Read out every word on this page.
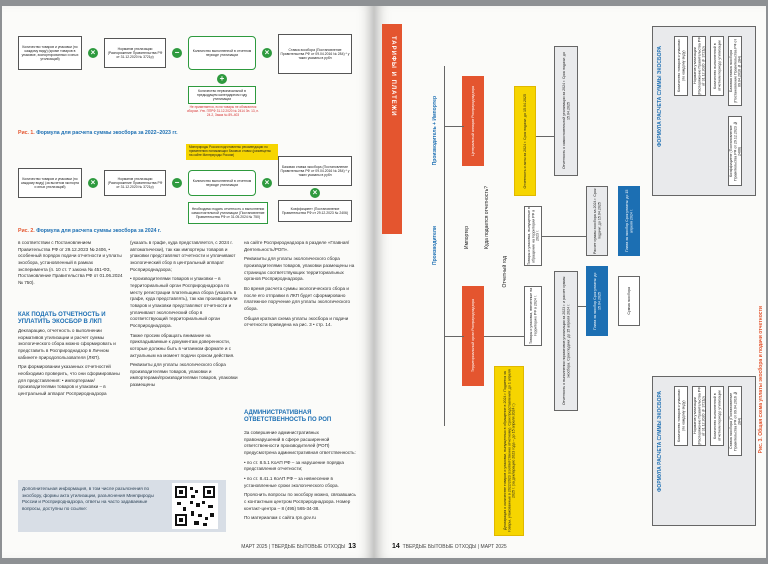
Количество товаров и упаковки (по каждому виду) (кроме товаров в упаковке, экспортированных и иных утилизаций)
×	Норматив утилизации (Распоряжение Правительства РФ от 31.12.2020 № 3721р)
−	Количество выполненной в отчетном периоде утилизации	×	Ставка экосбора (Постановление Правительства РФ от 09.04.2016 № 284) * у таких указаны в рубл
+
Количество первоначальной в предыдущем календарном году утилизации
Не применяется, если товары не облагаются сбором. Утв. ППРФ 31.12.2020 № 2414 Зп. 13, п. 24.2, Заказ № 89–403
Рис. 1. Формула для расчета суммы экосбора за 2022–2023 гг.
Минприроды России подготовлены рекомендации по применению понижающих базовых ставок (размещены на сайте Минприроды России)
Количество товаров и упаковки (по каждому виду) (за вычетом экспорта и иных утилизаций)
×	Норматив утилизации (Распоряжение Правительства РФ от 31.12.2020 № 3721р)
−	Количество выполненной в отчетном периоде утилизации	×
Базовая ставка экосбора (Постановление Правительства РФ от 09.04.2016 № 284) * у таких указаны в рубл
×
Коэффициент (Постановление Правительства РФ от 29.12.2023 № 2406)
Необходимо подать отчетность о выполнении самостоятельной утилизации (Постановление Правительства РФ от 31.05.2024 № 750)
Рис. 2. Формула для расчета суммы экосбора за 2024 г.

в соответствии с Постановлением Правительства РФ от 29.12.2023 № 2406, • особенный порядок подачи отчетности и уплаты экосбора, установленный в рамках эксперимента (п. 10 ст. 7 закона № 451-ФЗ, Постановление Правительства РФ от 01.06.2024 № 750).

КАК ПОДАТЬ ОТЧЕТНОСТЬ И УПЛАТИТЬ ЭКОСБОР В ЛКП

Декларацию, отчетность о выполнении нормативов утилизации и расчет суммы экологического сбора можно сформировать и представить в Росприроднадзор в Личном кабинете природопользователя (ЛКП).

При формировании указанных отчетностей необходимо проверить, что они сформированы для представления: • импортерами/производителями товаров и упаковки – в центральный аппарат Росприроднадзора

(указать в графе, куда представляется, с 2024 г. автоматически), так как импортеры товаров и упаковки представляют отчетности и уплачивают экологический сбор в центральный аппарат Росприроднадзора;

• производителями товаров и упаковки – в территориальный орган Росприроднадзора по месту регистрации плательщика сбора (указать в графе, куда представлять), так как производители товаров и упаковки представляют отчетности и уплачивают экологический сбор в соответствующий территориальный орган Росприроднадзора.

Также просим обращать внимание на прикладываемые к документам доверенности, которые должны быть в читаемом формате и с актуальным на момент подачи сроком действия.

Реквизиты для уплаты экологического сбора производителями товаров, упаковки и импортерами/производителями товаров, упаковки размещены

на сайте Росприроднадзора в разделе «Главная/Деятельность/РОП».

Реквизиты для уплаты экологического сбора производителями товаров, упаковки размещены на страницах соответствующих территориальных органов Росприроднадзора.

Во время расчета суммы экологического сбора и после его отправки в ЛКП будет сформировано платежное поручение для уплаты экологического сбора.

Общая краткая схема уплаты экосбора и подачи отчетности приведена на рис. 3 • стр. 14.

АДМИНИСТРАТИВНАЯ ОТВЕТСТВЕННОСТЬ ПО РОП

За совершение административных правонарушений в сфере расширенной ответственности производителей (РОП) предусмотрена административная ответственность:

• по ст. 8.5.1 КоАП РФ – за нарушение порядка представления отчетности;

• по ст. 8.41.1 КоАП РФ – за невнесение в установленные сроки экологического сбора.

Прояснить вопросы по экосбору можно, связавшись с контактным центром Росприроднадзора. Номер контакт-центра – 8 (495) 565-34-38.

По материалам с сайта rpn.gov.ru

Дополнительная информация, в том числе разъяснения по экосбору, формы акта утилизации, разъяснения Минприроды России и Росприроднадзора, ответы на часто задаваемые вопросы, доступны по ссылке:
МАРТ 2025 | ТВЕРДЫЕ БЫТОВЫЕ ОТХОДЫ 13
ТАРИФЫ И ПЛАТЕЖИ
Производители
Производитель + Импортер
Импортер	Куда подается отчетность?
Отчетный год
Территориальный орган Росприроднадзора
Центральный аппарат Росприроднадзора
Декларация о количестве товаров и упаковки, выпущенных в обращение в 2024 г. Подается за товары, упакованные в 2022/2023 (соответственно отчетному). Срок представления: до 1 апреля 2025 г. (за декларацию 2023 года – до 15 апреля 2024 г.)
Отчетность и акты за 2024 г. Срок подачи: до 15.04.2025
Товары и упаковка, выпущенные в обращение на территории РФ в 2023 г.
Товары и упаковка, ввезенные на территорию РФ в 2024 г.
Отчетность о самостоятельной утилизации за 2024 г. Срок подачи: до 15.04.2025
Отчетность о выполнении нормативов утилизации за 2023 г. и расчет суммы экосбора. Срок подачи: до 15 апреля 2024 г.
Расчет суммы экосбора за 2024 г. Срок подачи: до 15.04.2025
Плата за экосбор Срок уплаты: до 15.04.2025
Плата за экосбор Срок уплаты: до 15 апреля 2024 г.
Сумма экосбора
ФОРМУЛА РАСЧЕТА СУММЫ ЭКОСБОРА	Количество товаров и упаковки (по каждому виду) Норматив утилизации (Распоряжение Правительства РФ от 31.12.2020 № 3721р) Количество выполненной в отчетном периоде утилизации Базовая ставка экосбора (Постановление Правительства РФ от 09.04.2016 № 284)
Коэффициент (Постановление Правительства РФ от 29.12.2023 № 2406)
ФОРМУЛА РАСЧЕТА СУММЫ ЭКОСБОРА	Количество товаров и упаковки (по каждому виду) Норматив утилизации (Распоряжение Правительства РФ от 31.12.2020 № 3721р) Количество выполненной в отчетном периоде утилизации Ставка экосбора (Постановление Правительства РФ от 09.04.2016 № 284)	Рис. 3. Общая схема уплаты экосбора и подачи отчетности
14 ТВЕРДЫЕ БЫТОВЫЕ ОТХОДЫ | МАРТ 2025
